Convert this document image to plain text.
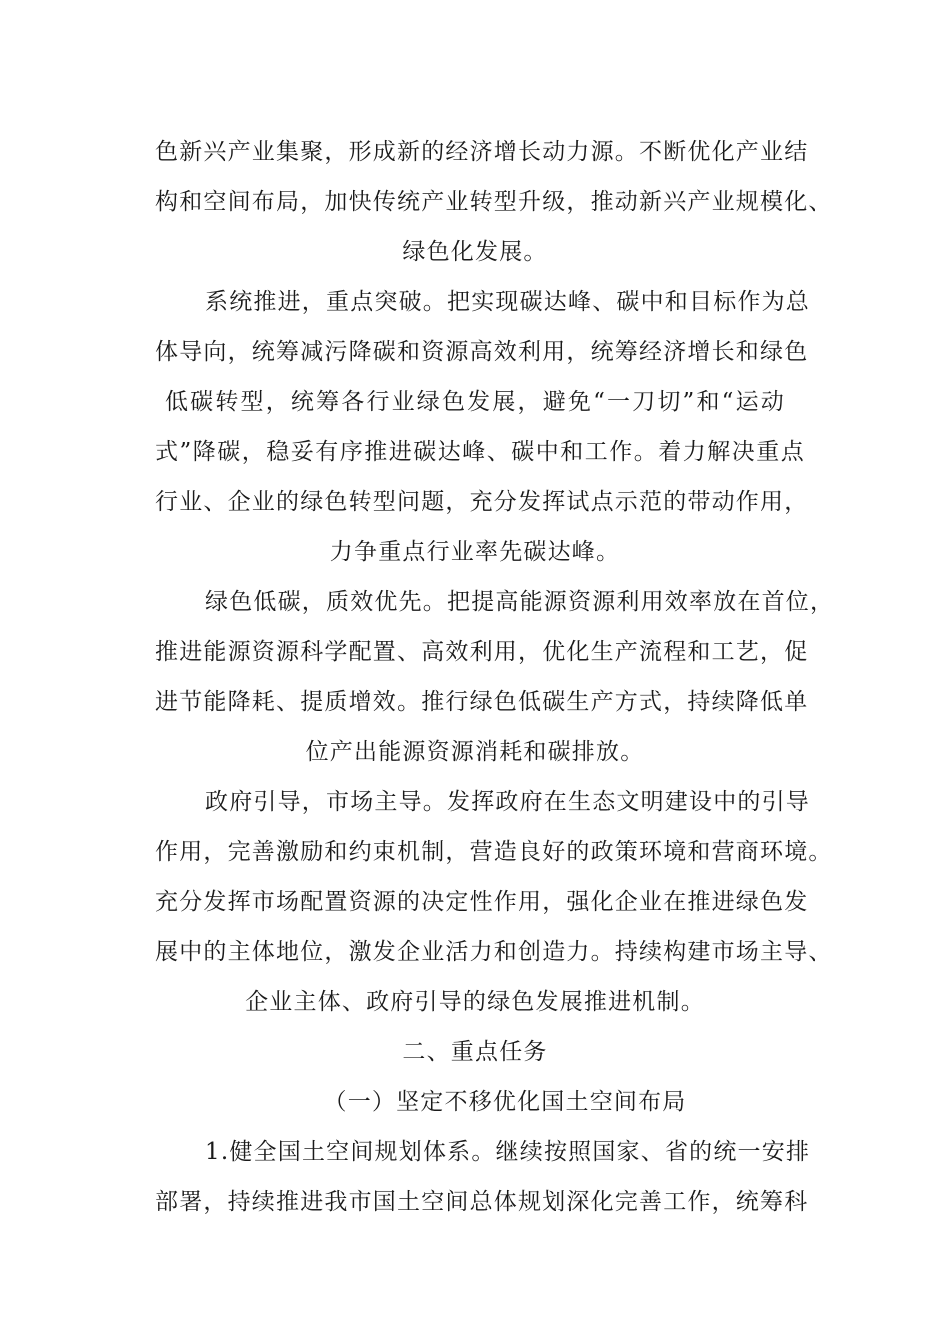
色新兴产业集聚，形成新的经济增长动力源。不断优化产业结
构和空间布局，加快传统产业转型升级，推动新兴产业规模化、
绿色化发展。
系统推进，重点突破。把实现碳达峰、碳中和目标作为总
体导向，统筹减污降碳和资源高效利用，统筹经济增长和绿色
低碳转型，统筹各行业绿色发展，避免“一刀切”和“运动
式”降碳，稳妥有序推进碳达峰、碳中和工作。着力解决重点
行业、企业的绿色转型问题，充分发挥试点示范的带动作用，
力争重点行业率先碳达峰。
绿色低碳，质效优先。把提高能源资源利用效率放在首位，
推进能源资源科学配置、高效利用，优化生产流程和工艺，促
进节能降耗、提质增效。推行绿色低碳生产方式，持续降低单
位产出能源资源消耗和碳排放。
政府引导，市场主导。发挥政府在生态文明建设中的引导
作用，完善激励和约束机制，营造良好的政策环境和营商环境。
充分发挥市场配置资源的决定性作用，强化企业在推进绿色发
展中的主体地位，激发企业活力和创造力。持续构建市场主导、
企业主体、政府引导的绿色发展推进机制。
二、重点任务
（一）坚定不移优化国土空间布局
1.健全国土空间规划体系。继续按照国家、省的统一安排
部署，持续推进我市国土空间总体规划深化完善工作，统筹科
